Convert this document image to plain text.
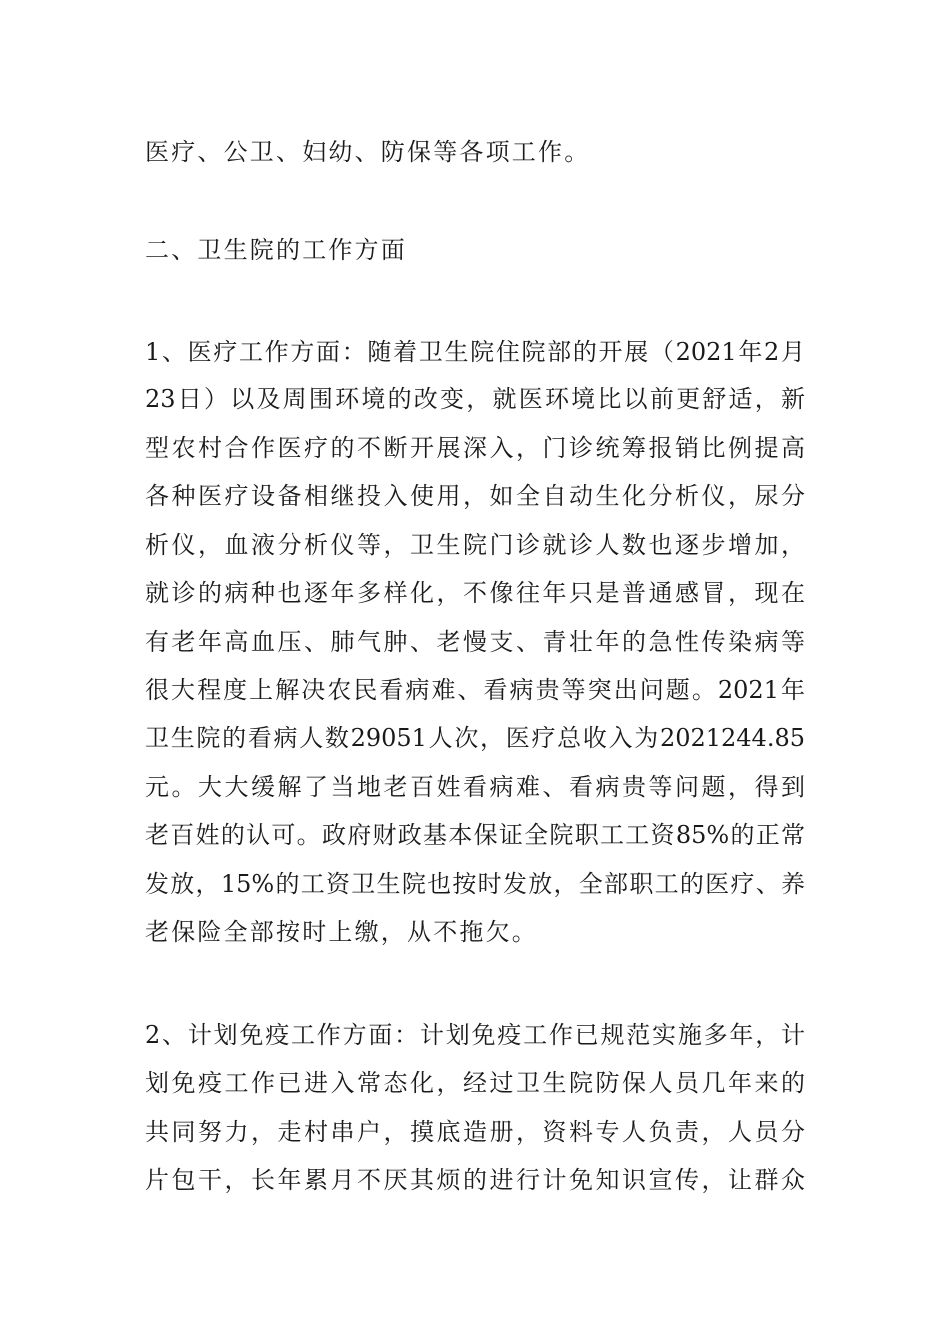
医疗、公卫、妇幼、防保等各项工作。
二、卫生院的工作方面
1、医疗工作方面：随着卫生院住院部的开展（2021年2月
23日）以及周围环境的改变，就医环境比以前更舒适，新
型农村合作医疗的不断开展深入，门诊统筹报销比例提高
各种医疗设备相继投入使用，如全自动生化分析仪，尿分
析仪，血液分析仪等，卫生院门诊就诊人数也逐步增加，
就诊的病种也逐年多样化，不像往年只是普通感冒，现在
有老年高血压、肺气肿、老慢支、青壮年的急性传染病等
很大程度上解决农民看病难、看病贵等突出问题。2021年
卫生院的看病人数29051人次，医疗总收入为2021244.85
元。大大缓解了当地老百姓看病难、看病贵等问题，得到
老百姓的认可。政府财政基本保证全院职工工资85%的正常
发放，15%的工资卫生院也按时发放，全部职工的医疗、养
老保险全部按时上缴，从不拖欠。
2、计划免疫工作方面：计划免疫工作已规范实施多年，计
划免疫工作已进入常态化，经过卫生院防保人员几年来的
共同努力，走村串户，摸底造册，资料专人负责，人员分
片包干，长年累月不厌其烦的进行计免知识宣传，让群众
